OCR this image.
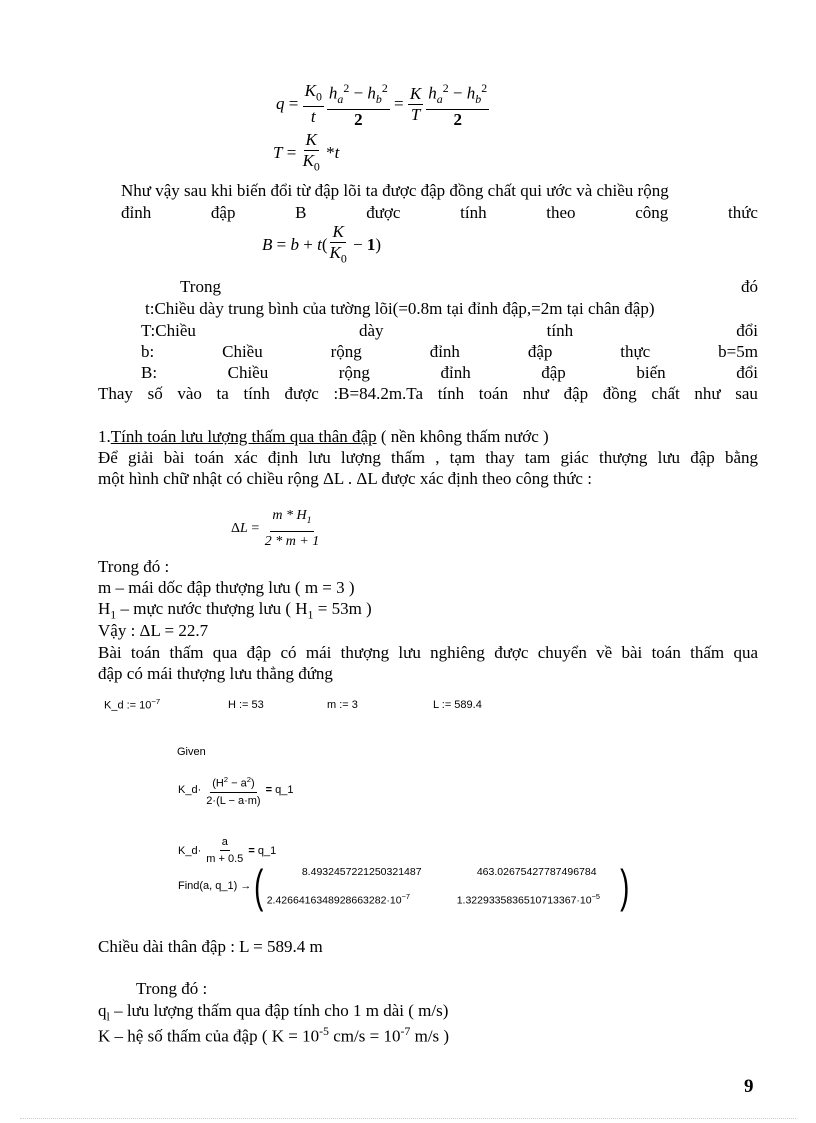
$q = \frac{K_0}{t} \frac{h_a^2 - h_b^2}{2} = \frac{K}{T} \frac{h_a^2 - h_b^2}{2}$
$T = \frac{K}{K_0} * t$
Như vậy sau khi biến đổi từ đập lõi ta được đập đồng chất qui ước và chiều rộng
đỉnh	đập	B	được	tính	theo	công	thức
B = b + t ( $\frac{K}{K_0} - 1$ )
Trong	đó
t:Chiều dày trung bình của tường lõi(=0.8m tại đỉnh đập,=2m tại chân đập)
T:Chiều	dày	tính	đổi
b:	Chiều	rộng	đỉnh	đập	thực	b=5m
B:	Chiều	rộng	đỉnh	đập	biến	đổi
Thay số vào ta tính được :B=84.2m.Ta tính toán như đập đồng chất như sau
1.Tính toán lưu lượng thấm qua thân đập ( nền không thấm nước )
Để giải bài toán xác định lưu lượng thấm , tạm thay tam giác thượng lưu đập bằng
một hình chữ nhật có chiều rộng ΔL . ΔL được xác định theo công thức :
Δ $L = \frac{m * H_1}{2 * m + 1}$
Trong đó :
m – mái dốc đập thượng lưu ( m = 3 )
$H_1$ – mực nước thượng lưu ( $H_1 = 53m$ )
Vậy : ΔL = 22.7
Bài toán thấm qua đập có mái thượng lưu nghiêng được chuyển về bài toán thấm qua
đập có mái thượng lưu thẳng đứng
K_d := $10^{-7}$	H := 53	m := 3	L := 589.4
Given
K_d· $\frac{(H^2 - a^2)}{2\cdot(L - a\cdot m)}$
= q_1
K_d· $\frac{a}{m + 0.5}$
= q_1
Find(a, q_1) → (	8.4932457221250321487	463.02675427787496784
$2.4266416348928663282\cdot 10^{-7}$	$1.3229335836510713367\cdot 10^{-5}$ )
Chiều dài thân đập : L = 589.4 m
Trong đó :
$q_l$ – lưu lượng thấm qua đập tính cho 1 m dài ( m/s)
K – hệ số thấm của đập ( $K = 10^{-5}$ $cm/s = 10^{-7}$ m/s )
9
